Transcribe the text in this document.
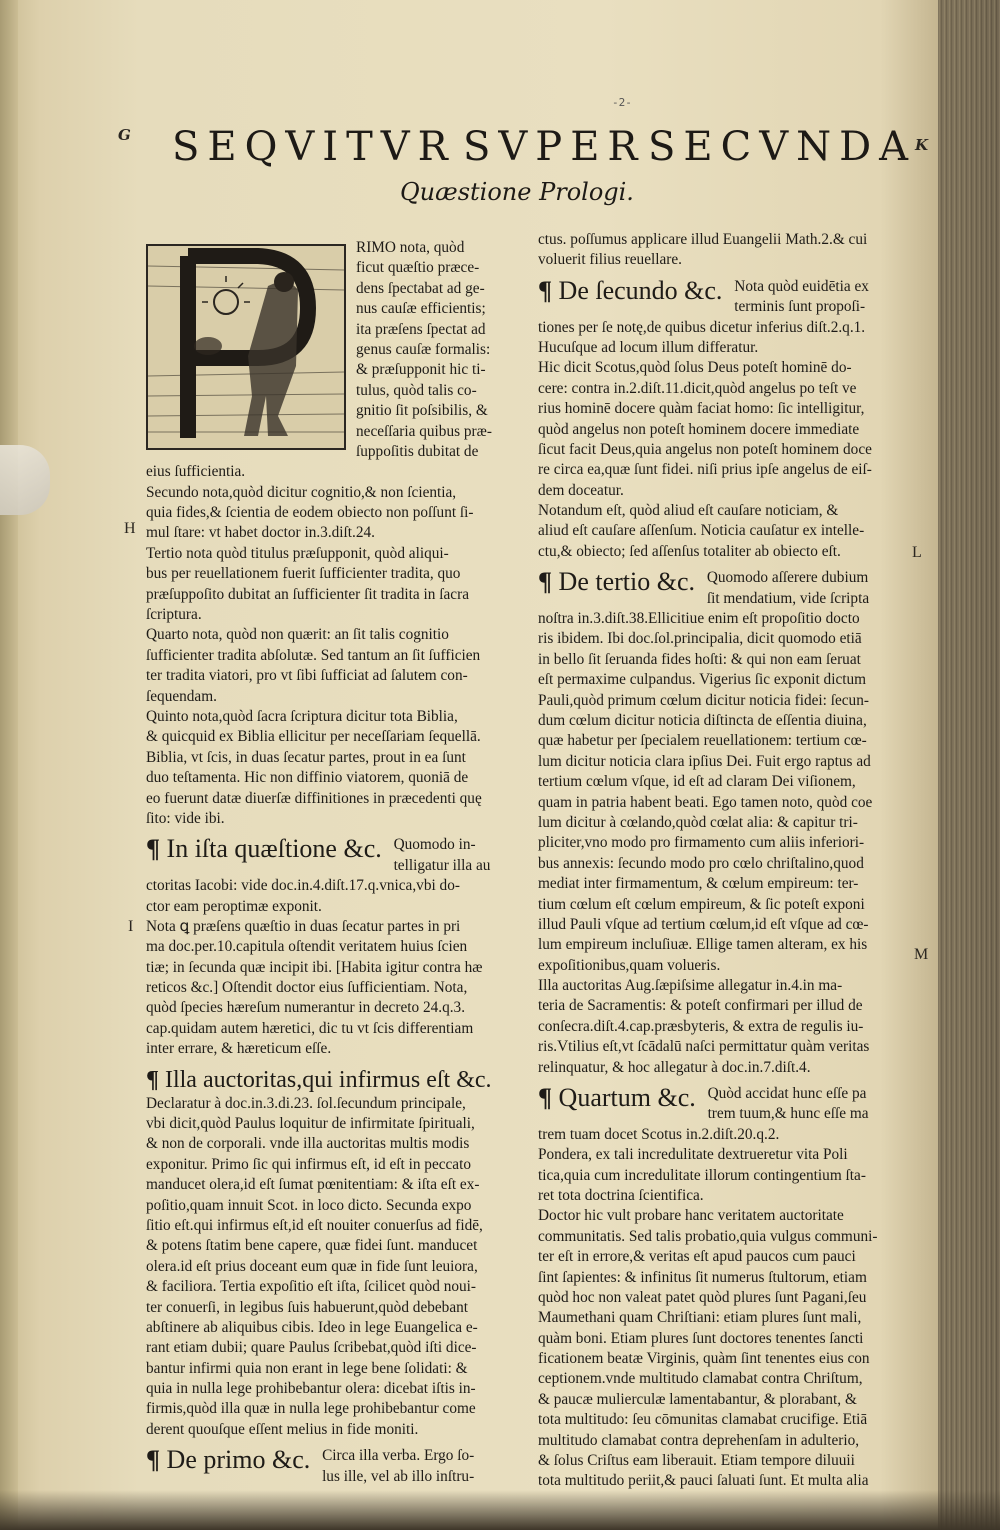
-2-
G SEQVITVR SVPER SECVNDA
K
Quæstione Prologi.
H
I
L
M
RIMO nota, quòd
ficut quæſtio præce-
dens ſpectabat ad ge-
nus cauſæ efficientis;
ita præſens ſpectat ad
genus cauſæ formalis:
& præſupponit hic ti-
tulus, quòd talis co-
gnitio ſit poſsibilis, &
neceſſaria quibus præ-
ſuppoſitis dubitat de
eius ſufficientia.
Secundo nota,quòd dicitur cognitio,& non ſcientia,
quia fides,& ſcientia de eodem obiecto non poſſunt ſi-
mul ſtare: vt habet doctor in.3.diſt.24.
Tertio nota quòd titulus præſupponit, quòd aliqui-
bus per reuellationem fuerit ſufficienter tradita, quo
præſuppoſito dubitat an ſufficienter ſit tradita in ſacra
ſcriptura.
Quarto nota, quòd non quærit: an ſit talis cognitio
ſufficienter tradita abſolutæ. Sed tantum an ſit ſufficien
ter tradita viatori, pro vt ſibi ſufficiat ad ſalutem con-
ſequendam.
Quinto nota,quòd ſacra ſcriptura dicitur tota Biblia,
& quicquid ex Biblia ellicitur per neceſſariam ſequellā.
Biblia, vt ſcis, in duas ſecatur partes, prout in ea ſunt
duo teſtamenta. Hic non diffinio viatorem, quoniā de
eo fuerunt datæ diuerſæ diffinitiones in præcedenti quę
ſito: vide ibi.
¶ In iſta quæſtione &c. Quomodo in-
telligatur illa au
ctoritas Iacobi: vide doc.in.4.diſt.17.q.vnica,vbi do-
ctor eam peroptimæ exponit.
Nota ꝗ præſens quæſtio in duas ſecatur partes in pri
ma doc.per.10.capitula oſtendit veritatem huius ſcien
tiæ; in ſecunda quæ incipit ibi. [Habita igitur contra hæ
reticos &c.] Oſtendit doctor eius ſufficientiam. Nota,
quòd ſpecies hæreſum numerantur in decreto 24.q.3.
cap.quidam autem hæretici, dic tu vt ſcis differentiam
inter errare, & hæreticum eſſe.
¶ Illa auctoritas,qui infirmus eſt &c.
Declaratur à doc.in.3.di.23. ſol.ſecundum principale,
vbi dicit,quòd Paulus loquitur de infirmitate ſpirituali,
& non de corporali. vnde illa auctoritas multis modis
exponitur. Primo ſic qui infirmus eſt, id eſt in peccato
manducet olera,id eſt ſumat pœnitentiam: & iſta eſt ex-
poſitio,quam innuit Scot. in loco dicto. Secunda expo
ſitio eſt.qui infirmus eſt,id eſt nouiter conuerſus ad fidē,
& potens ſtatim bene capere, quæ fidei ſunt. manducet
olera.id eſt prius doceant eum quæ in fide ſunt leuiora,
& faciliora. Tertia expoſitio eſt iſta, ſcilicet quòd noui-
ter conuerſi, in legibus ſuis habuerunt,quòd debebant
abſtinere ab aliquibus cibis. Ideo in lege Euangelica e-
rant etiam dubii; quare Paulus ſcribebat,quòd iſti dice-
bantur infirmi quia non erant in lege bene ſolidati: &
quia in nulla lege prohibebantur olera: dicebat iſtis in-
firmis,quòd illa quæ in nulla lege prohibebantur come
derent quouſque eſſent melius in fide moniti.
¶ De primo &c. Circa illa verba. Ergo ſo-
lus ille, vel ab illo inſtru-
ctus. poſſumus applicare illud Euangelii Math.2.& cui
voluerit filius reuellare.
¶ De ſecundo &c. Nota quòd euidētia ex
terminis ſunt propoſi-
tiones per ſe notę,de quibus dicetur inferius diſt.2.q.1.
Hucuſque ad locum illum differatur.
Hic dicit Scotus,quòd ſolus Deus poteſt hominē do-
cere: contra in.2.diſt.11.dicit,quòd angelus po teſt ve
rius hominē docere quàm faciat homo: ſic intelligitur,
quòd angelus non poteſt hominem docere immediate
ſicut facit Deus,quia angelus non poteſt hominem doce
re circa ea,quæ ſunt fidei. niſi prius ipſe angelus de eiſ-
dem doceatur.
Notandum eſt, quòd aliud eſt cauſare noticiam, &
aliud eſt cauſare aſſenſum. Noticia cauſatur ex intelle-
ctu,& obiecto; ſed aſſenſus totaliter ab obiecto eſt.
¶ De tertio &c. Quomodo aſſerere dubium
ſit mendatium, vide ſcripta
noſtra in.3.diſt.38.Ellicitiue enim eſt propoſitio docto
ris ibidem. Ibi doc.ſol.principalia, dicit quomodo etiā
in bello ſit ſeruanda fides hoſti: & qui non eam ſeruat
eſt permaxime culpandus. Vigerius ſic exponit dictum
Pauli,quòd primum cœlum dicitur noticia fidei: ſecun-
dum cœlum dicitur noticia diſtincta de eſſentia diuina,
quæ habetur per ſpecialem reuellationem: tertium cœ-
lum dicitur noticia clara ipſius Dei. Fuit ergo raptus ad
tertium cœlum vſque, id eſt ad claram Dei viſionem,
quam in patria habent beati. Ego tamen noto, quòd coe
lum dicitur à cœlando,quòd cœlat alia: & capitur tri-
pliciter,vno modo pro firmamento cum aliis inferiori-
bus annexis: ſecundo modo pro cœlo chriſtalino,quod
mediat inter firmamentum, & cœlum empireum: ter-
tium cœlum eſt cœlum empireum, & ſic poteſt exponi
illud Pauli vſque ad tertium cœlum,id eſt vſque ad cœ-
lum empireum incluſiuæ. Ellige tamen alteram, ex his
expoſitionibus,quam volueris.
Illa auctoritas Aug.ſæpiſsime allegatur in.4.in ma-
teria de Sacramentis: & poteſt confirmari per illud de
conſecra.diſt.4.cap.præsbyteris, & extra de regulis iu-
ris.Vtilius eſt,vt ſcādalū naſci permittatur quàm veritas
relinquatur, & hoc allegatur à doc.in.7.diſt.4.
¶ Quartum &c. Quòd accidat hunc eſſe pa
trem tuum,& hunc eſſe ma
trem tuam docet Scotus in.2.diſt.20.q.2.
Pondera, ex tali incredulitate dextrueretur vita Poli
tica,quia cum incredulitate illorum contingentium ſta-
ret tota doctrina ſcientifica.
Doctor hic vult probare hanc veritatem auctoritate
communitatis. Sed talis probatio,quia vulgus communi-
ter eſt in errore,& veritas eſt apud paucos cum pauci
ſint ſapientes: & infinitus ſit numerus ſtultorum, etiam
quòd hoc non valeat patet quòd plures ſunt Pagani,ſeu
Maumethani quam Chriſtiani: etiam plures ſunt mali,
quàm boni. Etiam plures ſunt doctores tenentes ſancti
ficationem beatæ Virginis, quàm ſint tenentes eius con
ceptionem.vnde multitudo clamabat contra Chriſtum,
& paucæ mulierculæ lamentabantur, & plorabant, &
tota multitudo: ſeu cōmunitas clamabat crucifige. Etiā
multitudo clamabat contra deprehenſam in adulterio,
& ſolus Criſtus eam liberauit. Etiam tempore diluuii
tota multitudo periit,& pauci ſaluati ſunt. Et multa alia
